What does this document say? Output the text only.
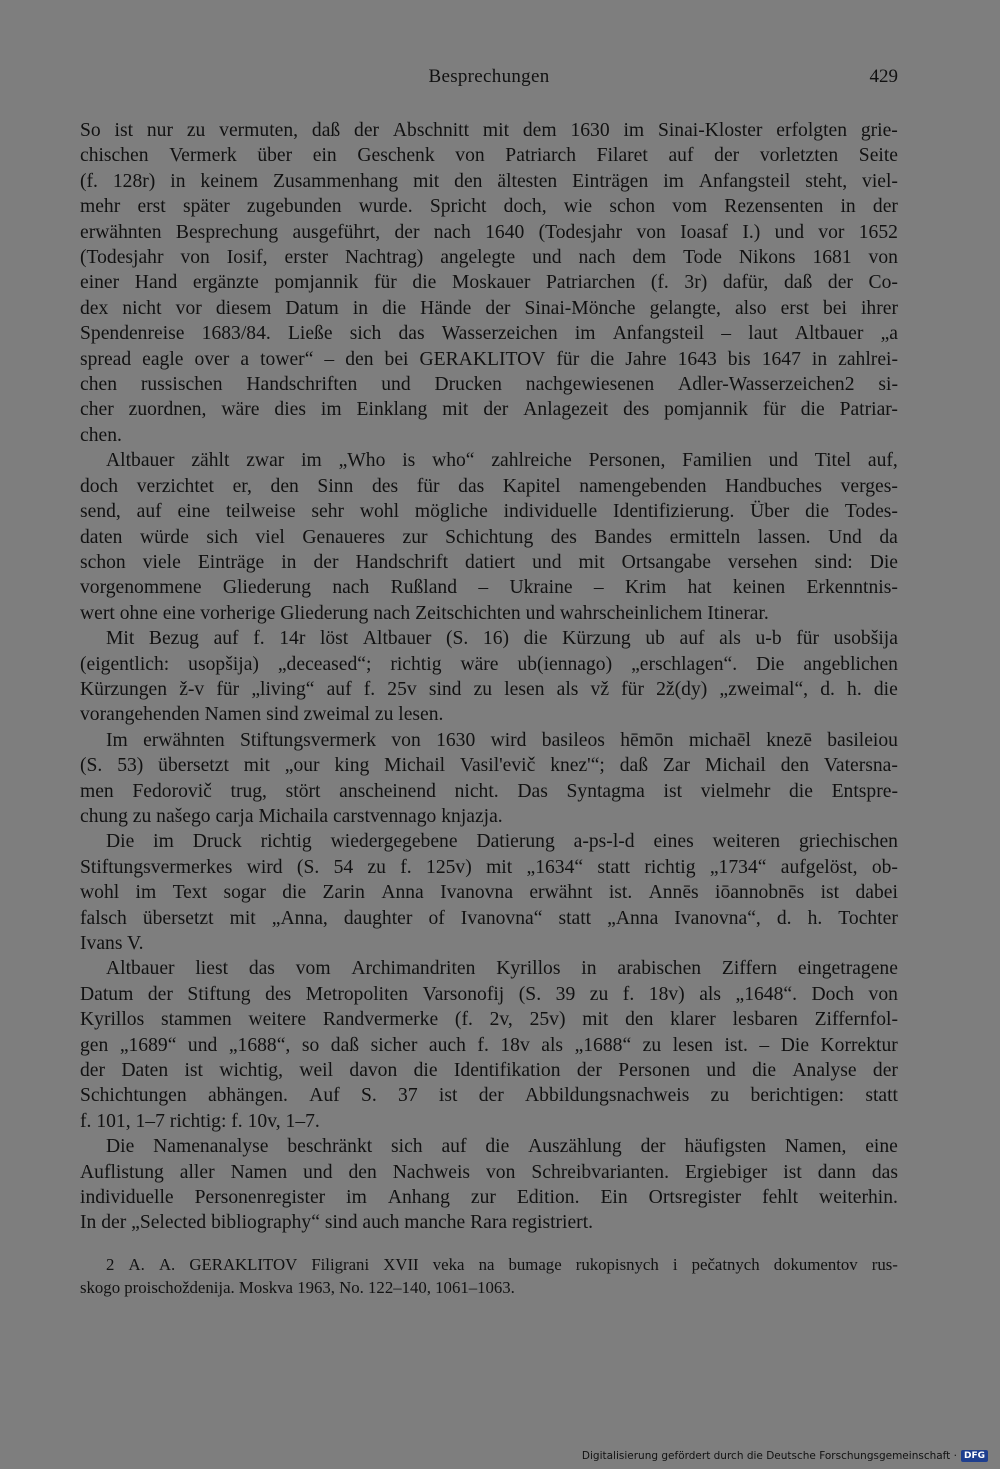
Besprechungen	429
So ist nur zu vermuten, daß der Abschnitt mit dem 1630 im Sinai-Kloster erfolgten grie-
chischen Vermerk über ein Geschenk von Patriarch Filaret auf der vorletzten Seite
(f. 128r) in keinem Zusammenhang mit den ältesten Einträgen im Anfangsteil steht, viel-
mehr erst später zugebunden wurde. Spricht doch, wie schon vom Rezensenten in der
erwähnten Besprechung ausgeführt, der nach 1640 (Todesjahr von Ioasaf I.) und vor 1652
(Todesjahr von Iosif, erster Nachtrag) angelegte und nach dem Tode Nikons 1681 von
einer Hand ergänzte pomjannik für die Moskauer Patriarchen (f. 3r) dafür, daß der Co-
dex nicht vor diesem Datum in die Hände der Sinai-Mönche gelangte, also erst bei ihrer
Spendenreise 1683/84. Ließe sich das Wasserzeichen im Anfangsteil – laut Altbauer „a
spread eagle over a tower“ – den bei GERAKLITOV für die Jahre 1643 bis 1647 in zahlrei-
chen russischen Handschriften und Drucken nachgewiesenen Adler-Wasserzeichen2 si-
cher zuordnen, wäre dies im Einklang mit der Anlagezeit des pomjannik für die Patriar-
chen.
Altbauer zählt zwar im „Who is who“ zahlreiche Personen, Familien und Titel auf,
doch verzichtet er, den Sinn des für das Kapitel namengebenden Handbuches verges-
send, auf eine teilweise sehr wohl mögliche individuelle Identifizierung. Über die Todes-
daten würde sich viel Genaueres zur Schichtung des Bandes ermitteln lassen. Und da
schon viele Einträge in der Handschrift datiert und mit Ortsangabe versehen sind: Die
vorgenommene Gliederung nach Rußland – Ukraine – Krim hat keinen Erkenntnis-
wert ohne eine vorherige Gliederung nach Zeitschichten und wahrscheinlichem Itinerar.
Mit Bezug auf f. 14r löst Altbauer (S. 16) die Kürzung ub auf als u-b für usobšija
(eigentlich: usopšija) „deceased“; richtig wäre ub(iennago) „erschlagen“. Die angeblichen
Kürzungen ž-v für „living“ auf f. 25v sind zu lesen als vž für 2ž(dy) „zweimal“, d. h. die
vorangehenden Namen sind zweimal zu lesen.
Im erwähnten Stiftungsvermerk von 1630 wird basileos hēmōn michaēl knezē basileiou
(S. 53) übersetzt mit „our king Michail Vasil'evič knez'“; daß Zar Michail den Vatersna-
men Fedorovič trug, stört anscheinend nicht. Das Syntagma ist vielmehr die Entspre-
chung zu našego carja Michaila carstvennago knjazja.
Die im Druck richtig wiedergegebene Datierung a-ps-l-d eines weiteren griechischen
Stiftungsvermerkes wird (S. 54 zu f. 125v) mit „1634“ statt richtig „1734“ aufgelöst, ob-
wohl im Text sogar die Zarin Anna Ivanovna erwähnt ist. Annēs iōannobnēs ist dabei
falsch übersetzt mit „Anna, daughter of Ivanovna“ statt „Anna Ivanovna“, d. h. Tochter
Ivans V.
Altbauer liest das vom Archimandriten Kyrillos in arabischen Ziffern eingetragene
Datum der Stiftung des Metropoliten Varsonofij (S. 39 zu f. 18v) als „1648“. Doch von
Kyrillos stammen weitere Randvermerke (f. 2v, 25v) mit den klarer lesbaren Ziffernfol-
gen „1689“ und „1688“, so daß sicher auch f. 18v als „1688“ zu lesen ist. – Die Korrektur
der Daten ist wichtig, weil davon die Identifikation der Personen und die Analyse der
Schichtungen abhängen. Auf S. 37 ist der Abbildungsnachweis zu berichtigen: statt
f. 101, 1–7 richtig: f. 10v, 1–7.
Die Namenanalyse beschränkt sich auf die Auszählung der häufigsten Namen, eine
Auflistung aller Namen und den Nachweis von Schreibvarianten. Ergiebiger ist dann das
individuelle Personenregister im Anhang zur Edition. Ein Ortsregister fehlt weiterhin.
In der „Selected bibliography“ sind auch manche Rara registriert.
2 A. A. GERAKLITOV Filigrani XVII veka na bumage rukopisnych i pečatnych dokumentov rus-
skogo proischoždenija. Moskva 1963, No. 122–140, 1061–1063.
Digitalisierung gefördert durch die Deutsche Forschungsgemeinschaft · DFG
